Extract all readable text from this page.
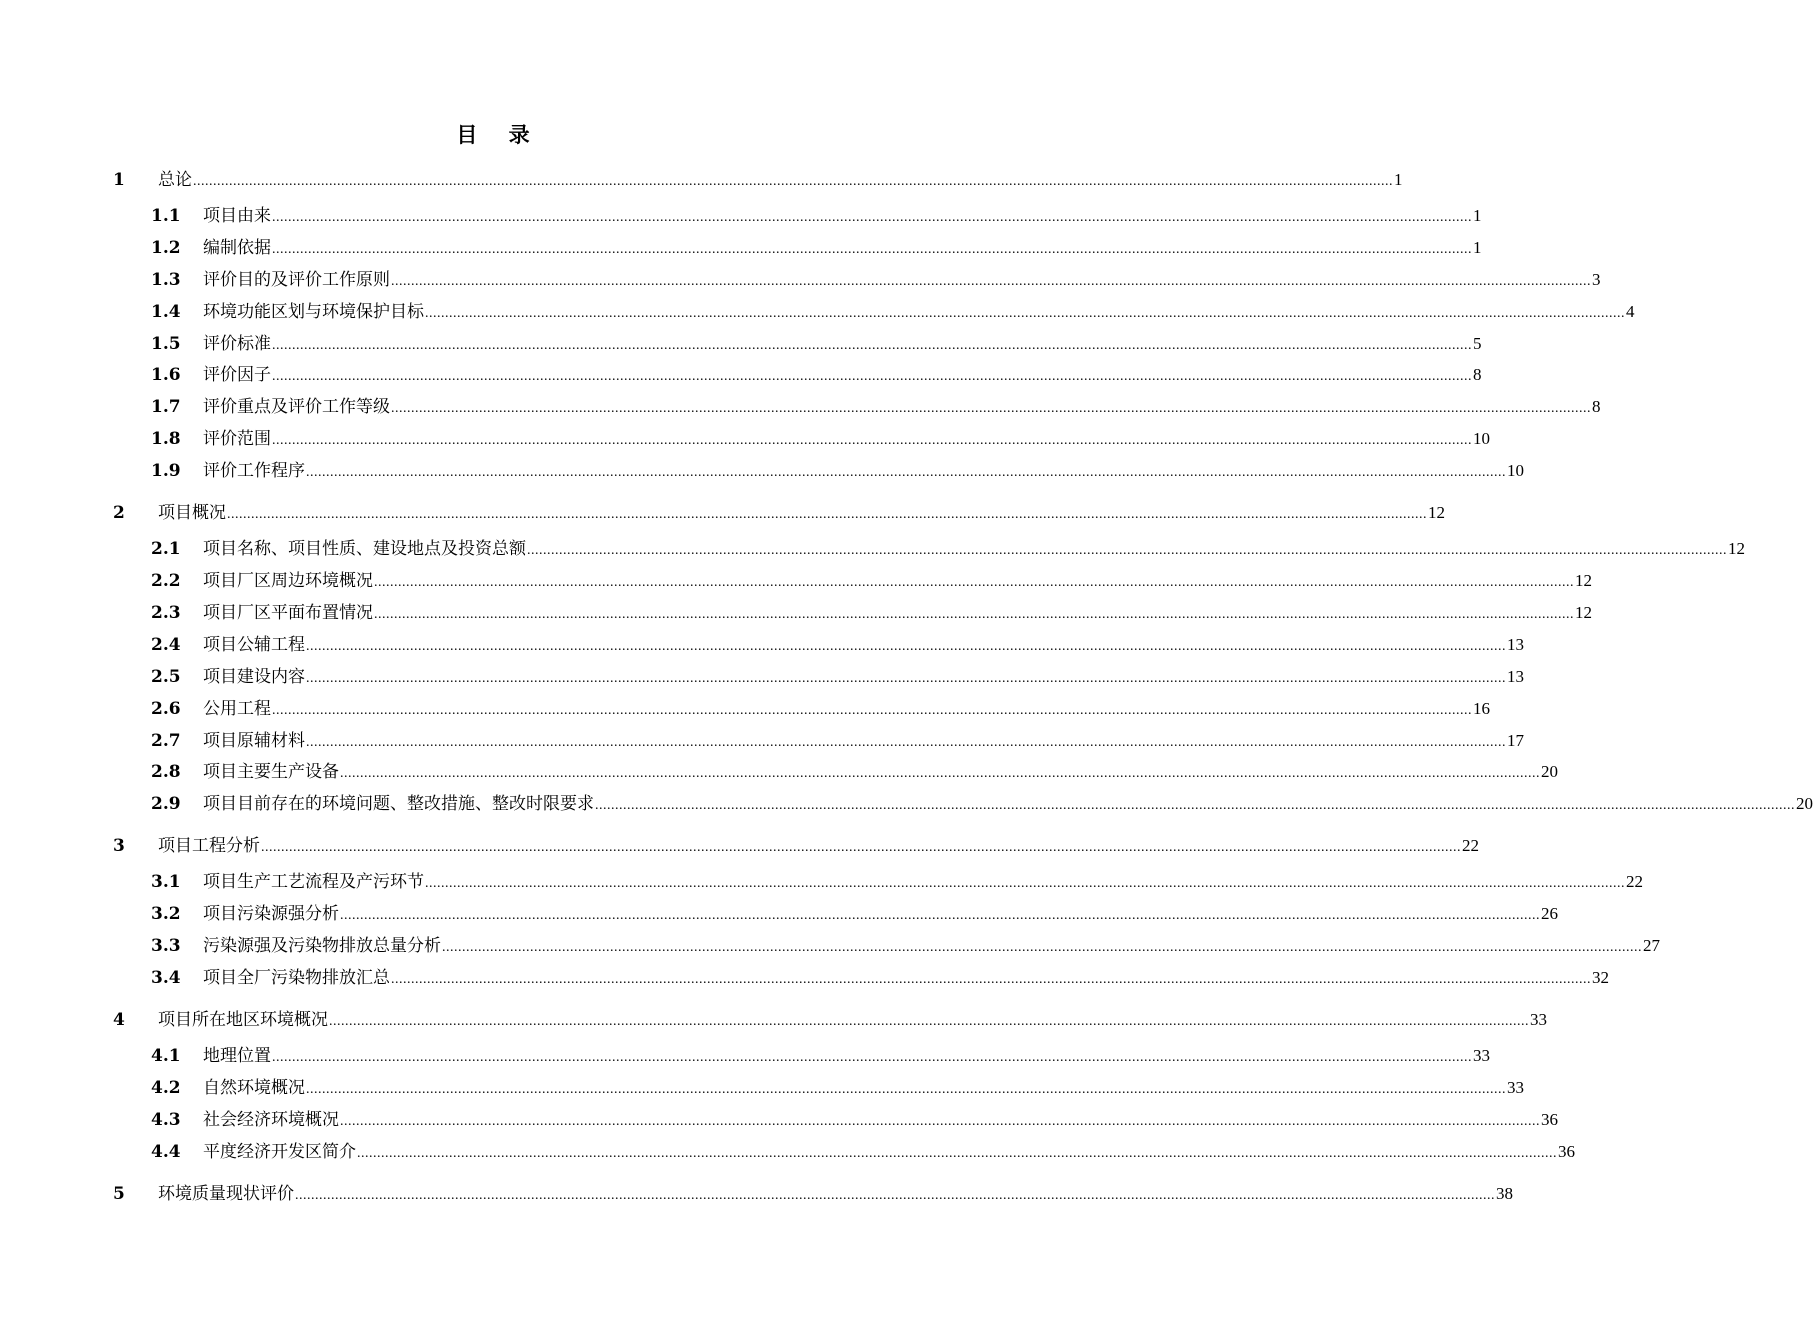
目 录
1 总论 ............................................................................................................................................................................................................................................................................................................ 1
1.1 项目由来 ............................................................................................................................................................................................................................................................................................................ 1
1.2 编制依据 ............................................................................................................................................................................................................................................................................................................ 1
1.3 评价目的及评价工作原则 ............................................................................................................................................................................................................................................................................................................ 3
1.4 环境功能区划与环境保护目标 ............................................................................................................................................................................................................................................................................................................ 4
1.5 评价标准 ............................................................................................................................................................................................................................................................................................................ 5
1.6 评价因子 ............................................................................................................................................................................................................................................................................................................ 8
1.7 评价重点及评价工作等级 ............................................................................................................................................................................................................................................................................................................ 8
1.8 评价范围 ............................................................................................................................................................................................................................................................................................................ 10
1.9 评价工作程序 ............................................................................................................................................................................................................................................................................................................ 10
2 项目概况 ............................................................................................................................................................................................................................................................................................................ 12
2.1 项目名称、项目性质、建设地点及投资总额 ............................................................................................................................................................................................................................................................................................................ 12
2.2 项目厂区周边环境概况 ............................................................................................................................................................................................................................................................................................................ 12
2.3 项目厂区平面布置情况 ............................................................................................................................................................................................................................................................................................................ 12
2.4 项目公辅工程 ............................................................................................................................................................................................................................................................................................................ 13
2.5 项目建设内容 ............................................................................................................................................................................................................................................................................................................ 13
2.6 公用工程 ............................................................................................................................................................................................................................................................................................................ 16
2.7 项目原辅材料 ............................................................................................................................................................................................................................................................................................................ 17
2.8 项目主要生产设备 ............................................................................................................................................................................................................................................................................................................ 20
2.9 项目目前存在的环境问题、整改措施、整改时限要求 ............................................................................................................................................................................................................................................................................................................ 20
3 项目工程分析 ............................................................................................................................................................................................................................................................................................................ 22
3.1 项目生产工艺流程及产污环节 ............................................................................................................................................................................................................................................................................................................ 22
3.2 项目污染源强分析 ............................................................................................................................................................................................................................................................................................................ 26
3.3 污染源强及污染物排放总量分析 ............................................................................................................................................................................................................................................................................................................ 27
3.4 项目全厂污染物排放汇总 ............................................................................................................................................................................................................................................................................................................ 32
4 项目所在地区环境概况 ............................................................................................................................................................................................................................................................................................................ 33
4.1 地理位置 ............................................................................................................................................................................................................................................................................................................ 33
4.2 自然环境概况 ............................................................................................................................................................................................................................................................................................................ 33
4.3 社会经济环境概况 ............................................................................................................................................................................................................................................................................................................ 36
4.4 平度经济开发区简介 ............................................................................................................................................................................................................................................................................................................ 36
5 环境质量现状评价 ............................................................................................................................................................................................................................................................................................................ 38
